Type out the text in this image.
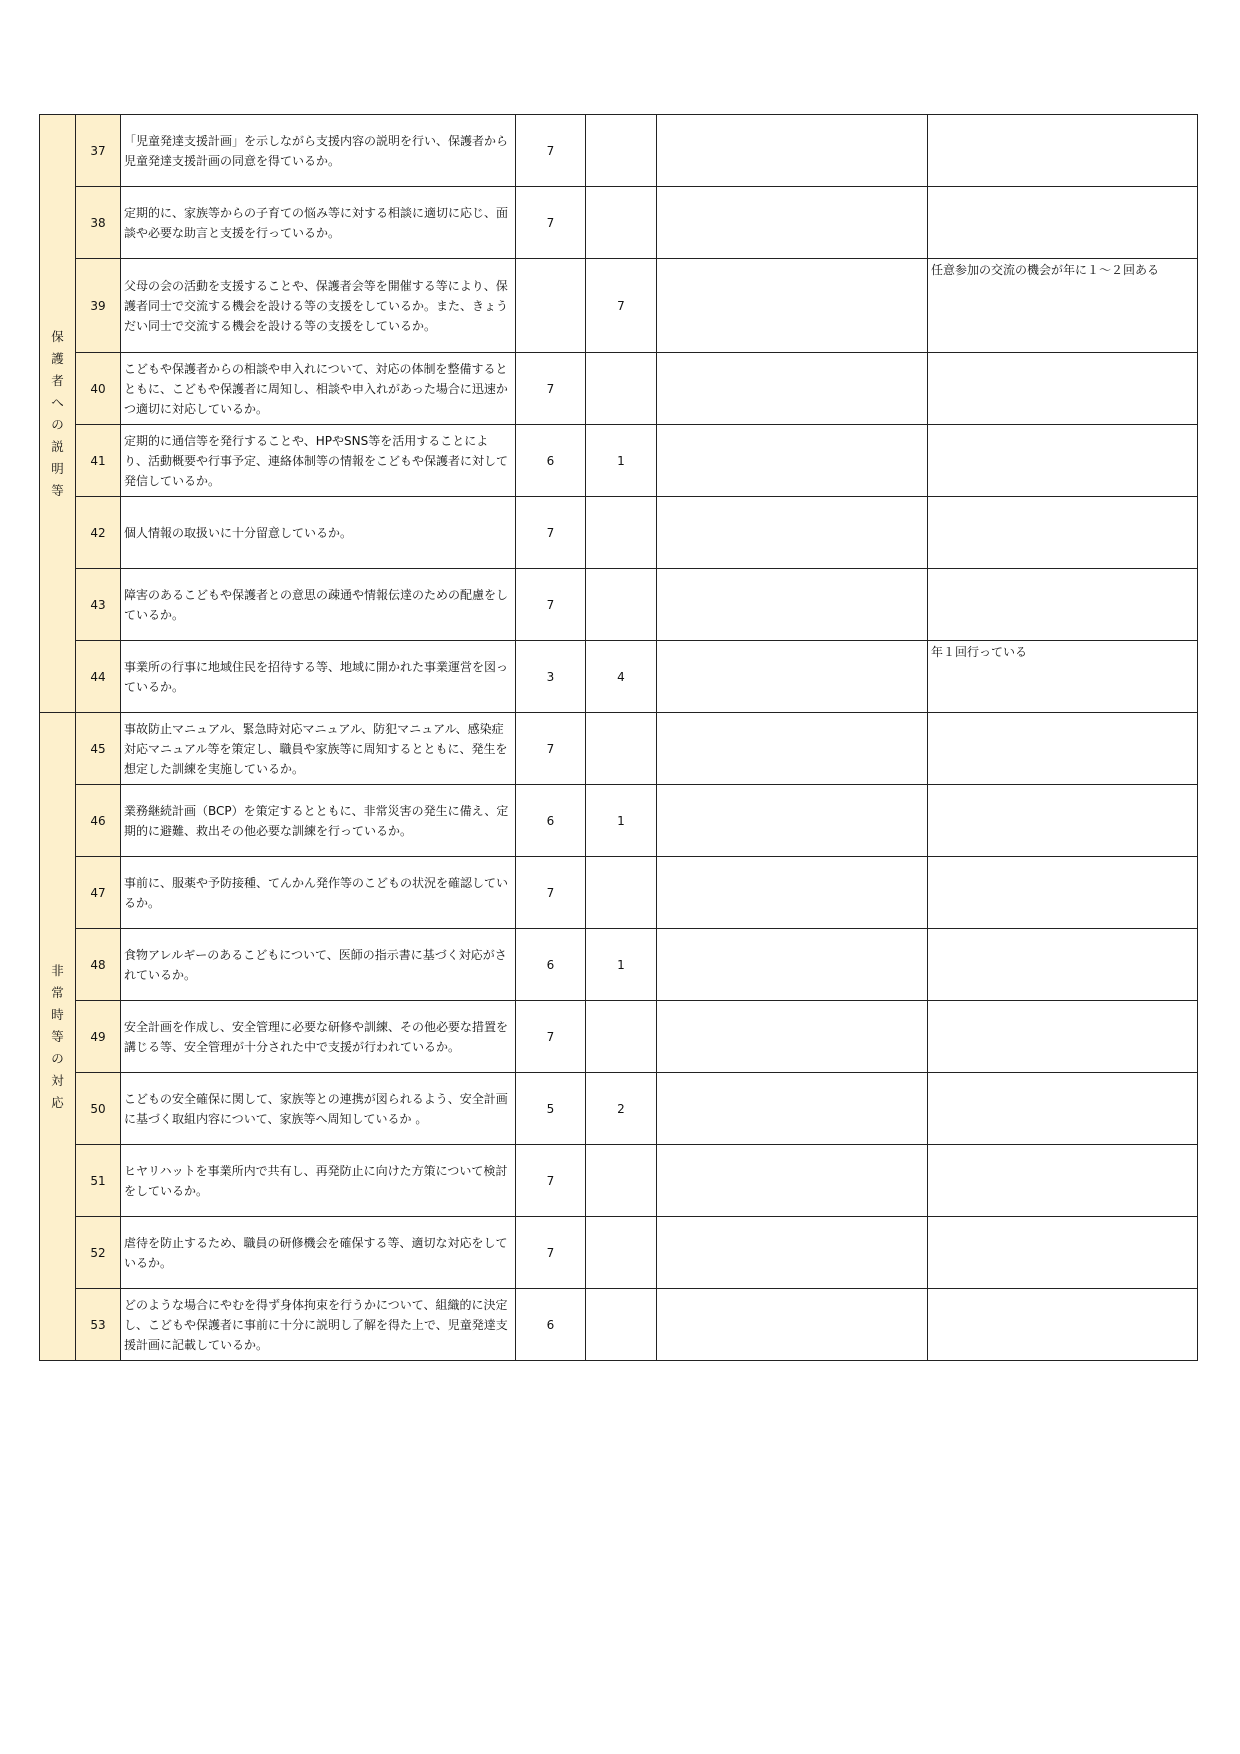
保護者への説明等	37	「児童発達支援計画」を示しながら支援内容の説明を行い、保護者から児童発達支援計画の同意を得ているか。	7			
	38	定期的に、家族等からの子育ての悩み等に対する相談に適切に応じ、面談や必要な助言と支援を行っているか。	7			
	39	父母の会の活動を支援することや、保護者会等を開催する等により、保護者同士で交流する機会を設ける等の支援をしているか。また、きょうだい同士で交流する機会を設ける等の支援をしているか。		7		任意参加の交流の機会が年に１～２回ある
	40	こどもや保護者からの相談や申入れについて、対応の体制を整備するとともに、こどもや保護者に周知し、相談や申入れがあった場合に迅速かつ適切に対応しているか。	7			
	41	定期的に通信等を発行することや、HPやSNS等を活用することにより、活動概要や行事予定、連絡体制等の情報をこどもや保護者に対して発信しているか。	6	1		
	42	個人情報の取扱いに十分留意しているか。	7			
	43	障害のあるこどもや保護者との意思の疎通や情報伝達のための配慮をしているか。	7			
	44	事業所の行事に地域住民を招待する等、地域に開かれた事業運営を図っているか。	3	4		年１回行っている
非常時等の対応	45	事故防止マニュアル、緊急時対応マニュアル、防犯マニュアル、感染症対応マニュアル等を策定し、職員や家族等に周知するとともに、発生を想定した訓練を実施しているか。	7			
	46	業務継続計画（BCP）を策定するとともに、非常災害の発生に備え、定期的に避難、救出その他必要な訓練を行っているか。	6	1		
	47	事前に、服薬や予防接種、てんかん発作等のこどもの状況を確認しているか。	7			
	48	食物アレルギーのあるこどもについて、医師の指示書に基づく対応がされているか。	6	1		
	49	安全計画を作成し、安全管理に必要な研修や訓練、その他必要な措置を講じる等、安全管理が十分された中で支援が行われているか。	7			
	50	こどもの安全確保に関して、家族等との連携が図られるよう、安全計画に基づく取組内容について、家族等へ周知しているか 。	5	2		
	51	ヒヤリハットを事業所内で共有し、再発防止に向けた方策について検討をしているか。	7			
	52	虐待を防止するため、職員の研修機会を確保する等、適切な対応をしているか。	7			
	53	どのような場合にやむを得ず身体拘束を行うかについて、組織的に決定し、こどもや保護者に事前に十分に説明し了解を得た上で、児童発達支援計画に記載しているか。	6			
